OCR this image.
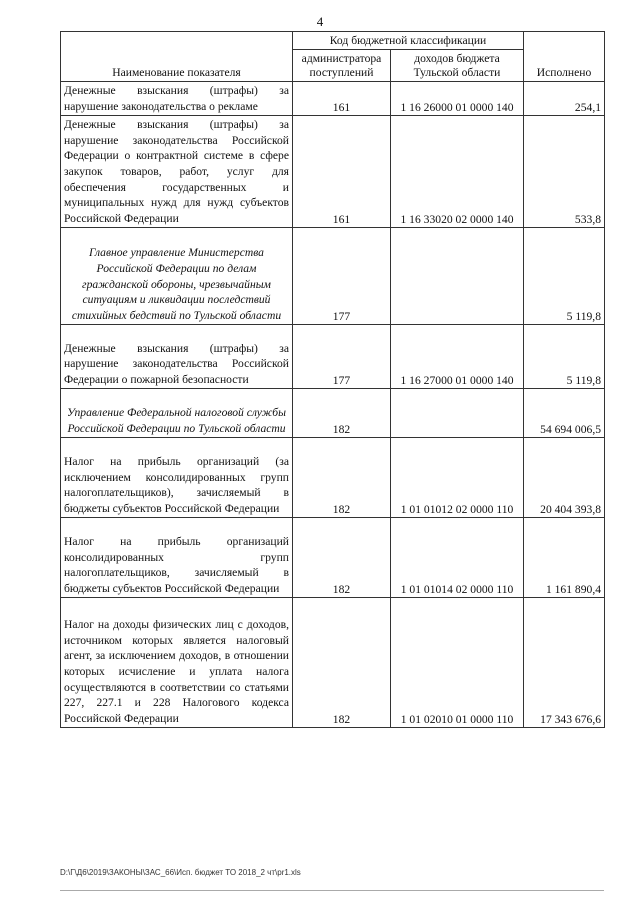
4
Наименование показателя	Код бюджетной классификации		Исполнено
	администратора поступлений	доходов бюджета Тульской области	
Денежные взыскания (штрафы) за нарушение законодательства о рекламе	161	1 16 26000 01 0000 140	254,1
Денежные взыскания (штрафы) за нарушение законодательства Российской Федерации о контрактной системе в сфере закупок товаров, работ, услуг для обеспечения государственных и муниципальных нужд для нужд субъектов Российской Федерации	161	1 16 33020 02 0000 140	533,8
Главное управление Министерства Российской Федерации по делам гражданской обороны, чрезвычайным ситуациям и ликвидации последствий стихийных бедствий по Тульской области	177		5 119,8
Денежные взыскания (штрафы) за нарушение законодательства Российской Федерации о пожарной безопасности	177	1 16 27000 01 0000 140	5 119,8
Управление Федеральной налоговой службы Российской Федерации по Тульской области	182		54 694 006,5
Налог на прибыль организаций (за исключением консолидированных групп налогоплательщиков), зачисляемый в бюджеты субъектов Российской Федерации	182	1 01 01012 02 0000 110	20 404 393,8
Налог на прибыль организаций консолидированных групп налогоплательщиков, зачисляемый в бюджеты субъектов Российской Федерации	182	1 01 01014 02 0000 110	1 161 890,4
Налог на доходы физических лиц с доходов, источником которых является налоговый агент, за исключением доходов, в отношении которых исчисление и уплата налога осуществляются в соответствии со статьями 227, 227.1 и 228 Налогового кодекса Российской Федерации	182	1 01 02010 01 0000 110	17 343 676,6
D:\Г\Д6\2019\ЗАКОНЫ\ЗАС_66\Исп. бюджет ТО 2018_2 чт\pr1.xls
